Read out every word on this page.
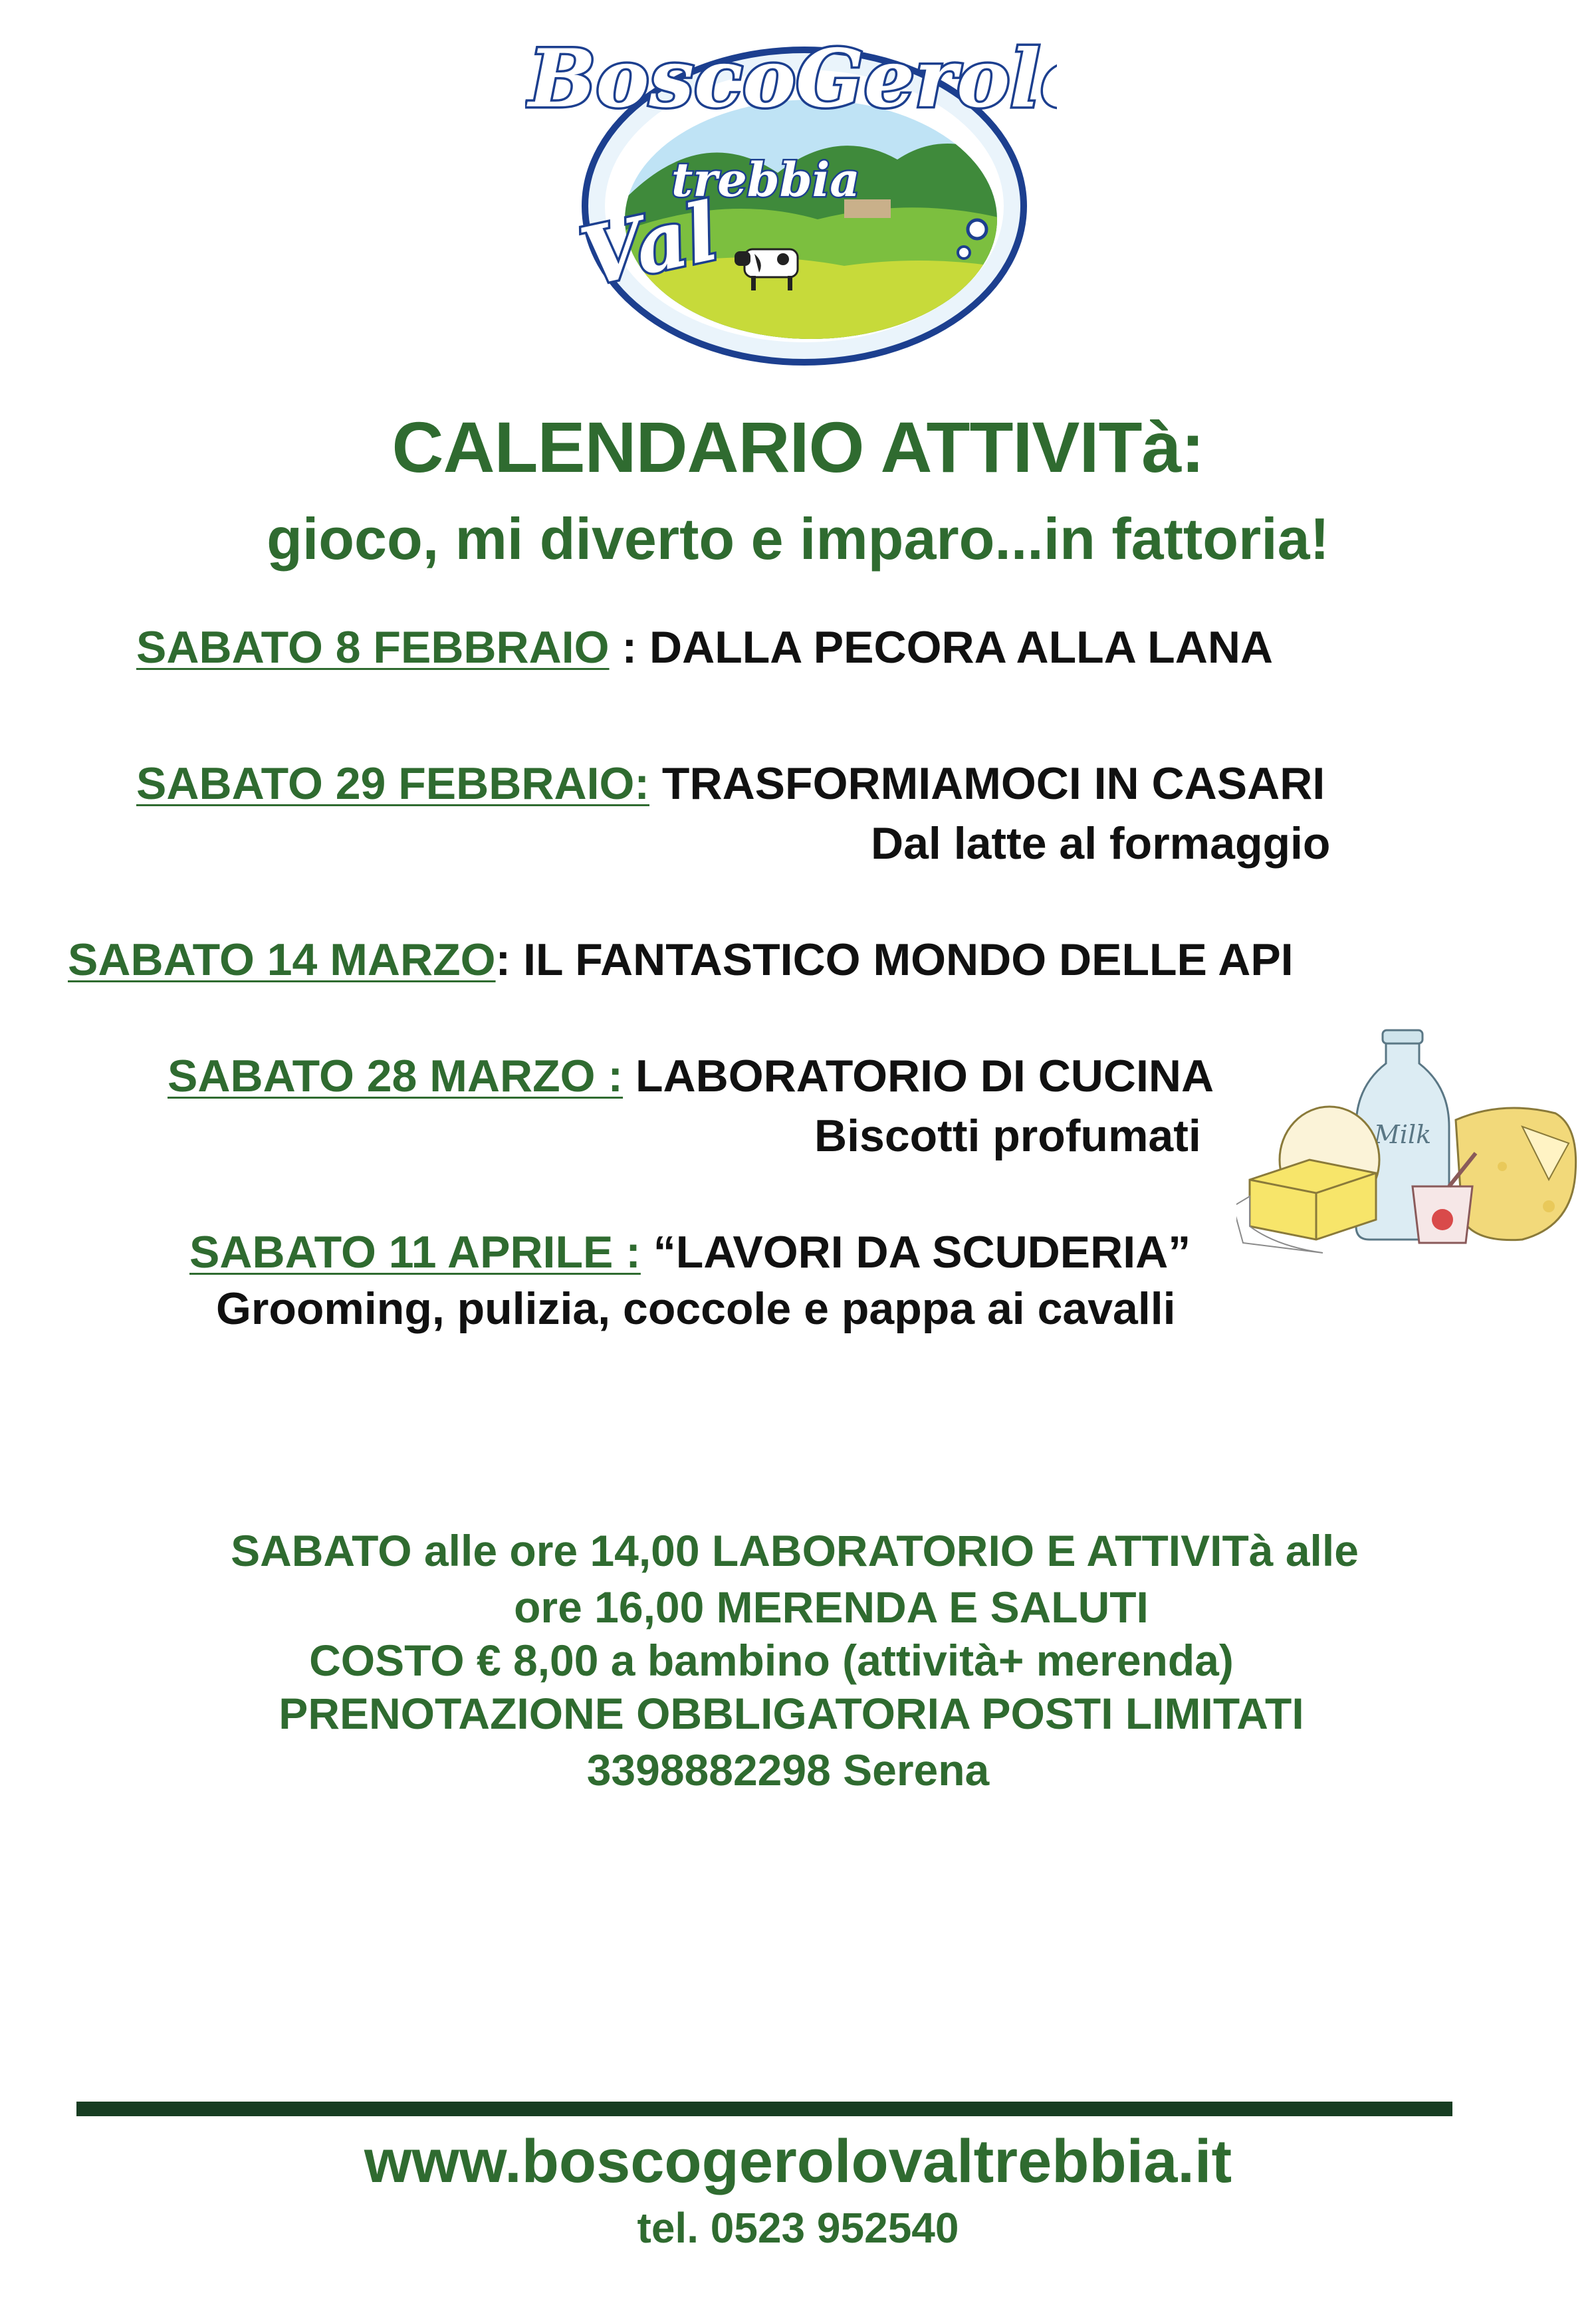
BoscoGerolo
Val
trebbia
CALENDARIO ATTIVITà:
gioco, mi diverto e imparo...in fattoria!
SABATO 8 FEBBRAIO : DALLA PECORA ALLA LANA
SABATO 29 FEBBRAIO: TRASFORMIAMOCI IN CASARI
Dal latte al formaggio
SABATO 14 MARZO: IL FANTASTICO MONDO DELLE API
SABATO 28 MARZO : LABORATORIO DI CUCINA
Biscotti profumati
SABATO 11 APRILE : “LAVORI DA SCUDERIA”
Grooming, pulizia, coccole e pappa ai cavalli
Milk
SABATO alle ore 14,00 LABORATORIO E ATTIVITà alle
ore 16,00 MERENDA E SALUTI
COSTO € 8,00 a bambino (attività+ merenda)
PRENOTAZIONE OBBLIGATORIA POSTI LIMITATI
3398882298 Serena
www.boscogerolovaltrebbia.it
tel. 0523 952540
